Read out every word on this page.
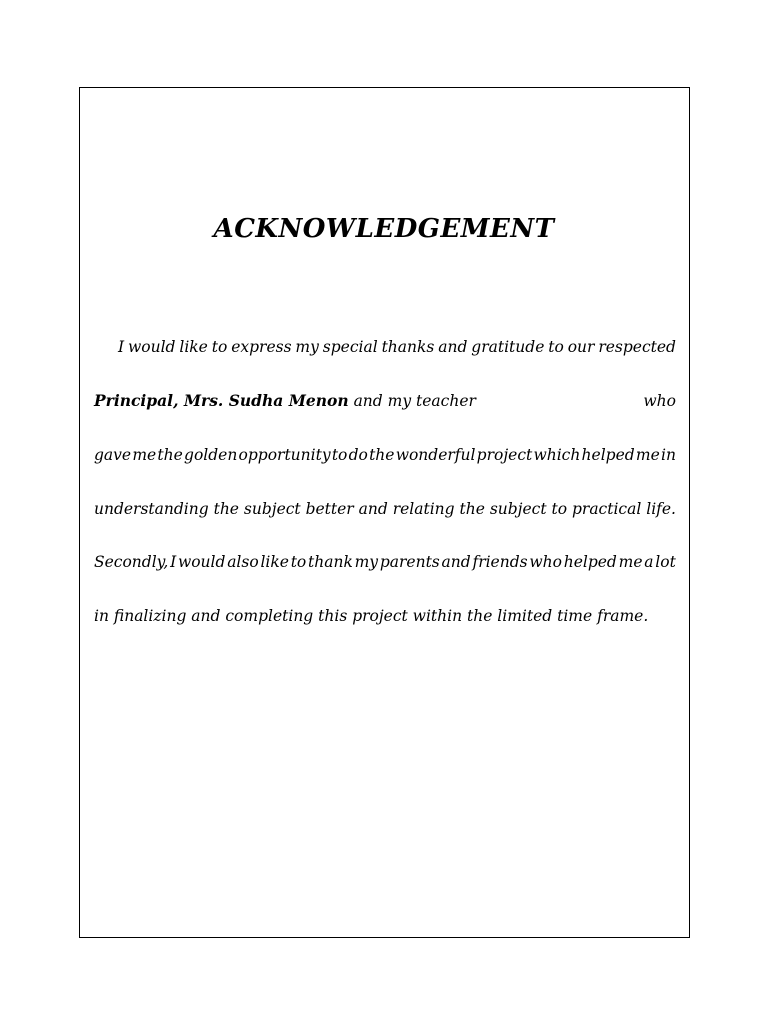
ACKNOWLEDGEMENT
I would like to express my special thanks and gratitude to our respected
Principal, Mrs. Sudha Menon and my teacher	who
gave me the golden opportunity to do the wonderful project which helped me in
understanding the subject better and relating the subject to practical life.
Secondly, I would also like to thank my parents and friends who helped me a lot
in finalizing and completing this project within the limited time frame.
